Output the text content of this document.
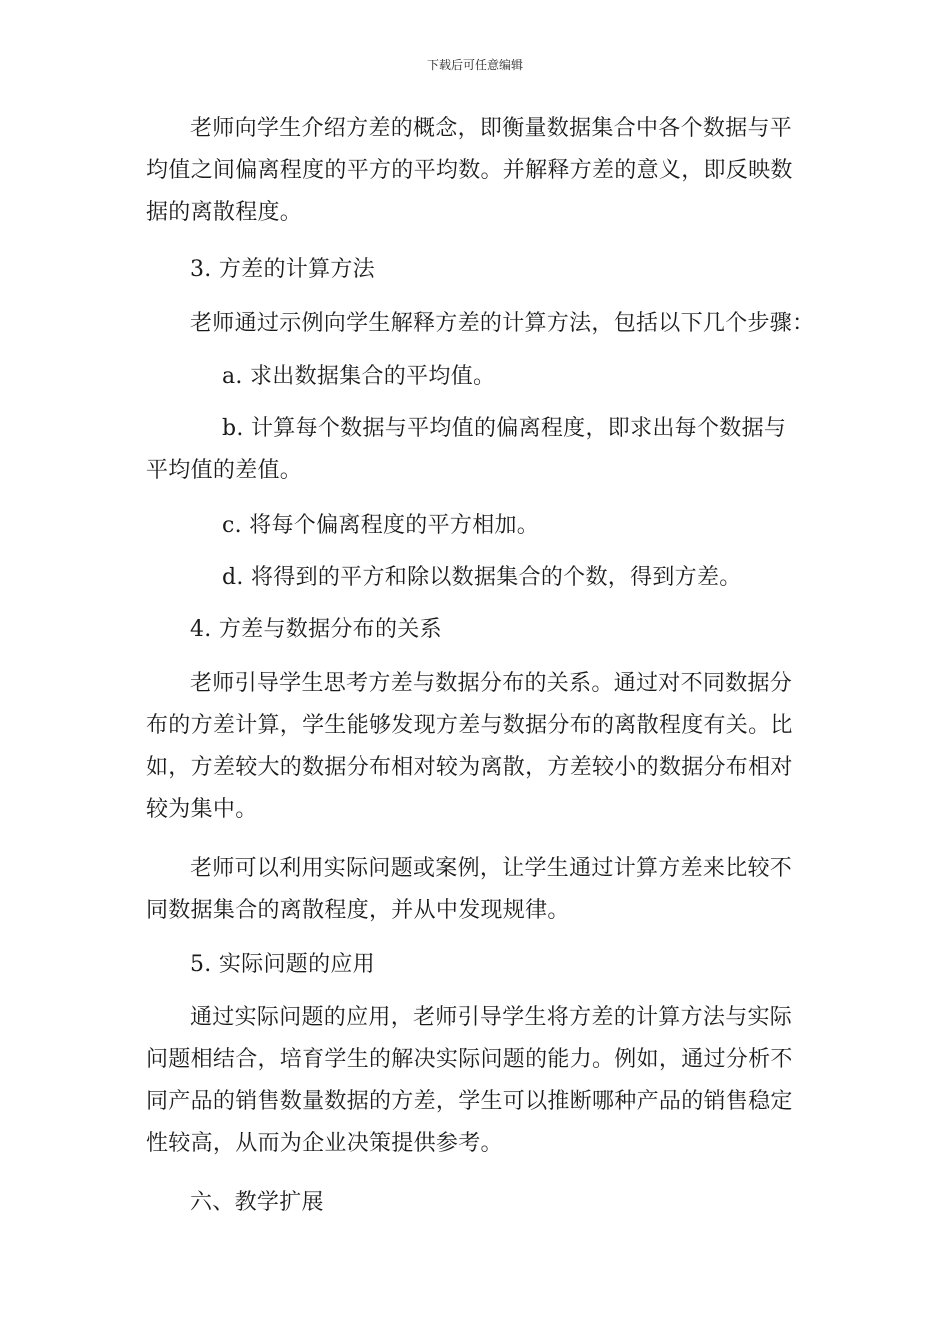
下载后可任意编辑

老师向学生介绍方差的概念，即衡量数据集合中各个数据与平
均值之间偏离程度的平方的平均数。并解释方差的意义，即反映数
据的离散程度。

3. 方差的计算方法

老师通过示例向学生解释方差的计算方法，包括以下几个步骤：

a. 求出数据集合的平均值。

b. 计算每个数据与平均值的偏离程度，即求出每个数据与
平均值的差值。

c. 将每个偏离程度的平方相加。

d. 将得到的平方和除以数据集合的个数，得到方差。

4. 方差与数据分布的关系

老师引导学生思考方差与数据分布的关系。通过对不同数据分
布的方差计算，学生能够发现方差与数据分布的离散程度有关。比
如，方差较大的数据分布相对较为离散，方差较小的数据分布相对
较为集中。

老师可以利用实际问题或案例，让学生通过计算方差来比较不
同数据集合的离散程度，并从中发现规律。

5. 实际问题的应用

通过实际问题的应用，老师引导学生将方差的计算方法与实际
问题相结合，培育学生的解决实际问题的能力。例如，通过分析不
同产品的销售数量数据的方差，学生可以推断哪种产品的销售稳定
性较高，从而为企业决策提供参考。

六、教学扩展
